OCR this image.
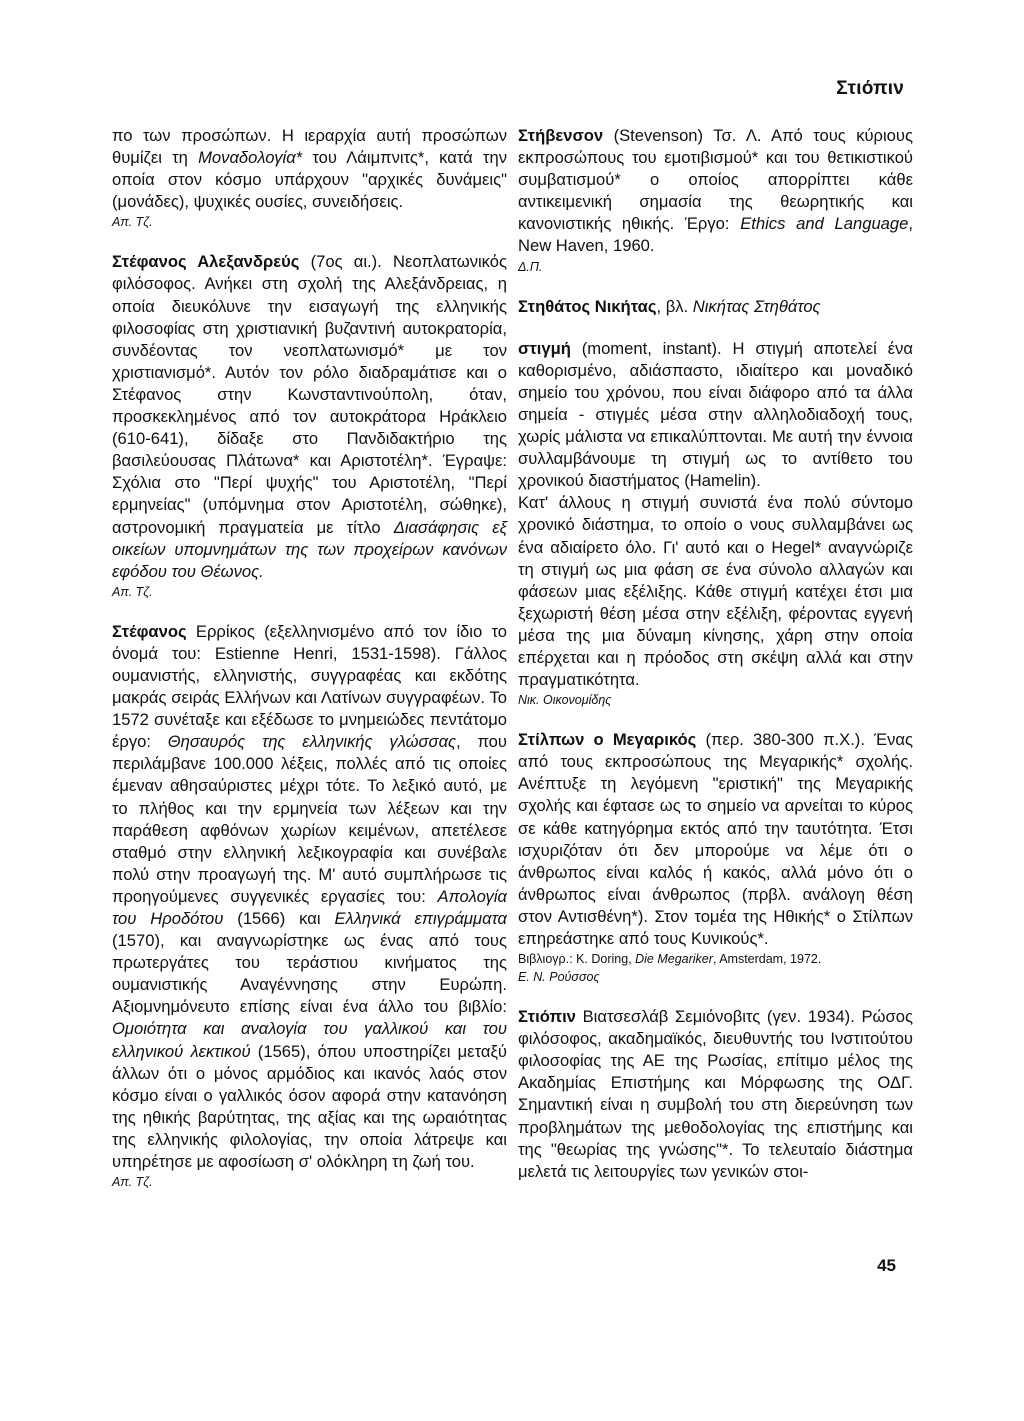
Στιόπιν

πο των προσώπων. Η ιεραρχία αυτή προσώπων θυμίζει τη Μοναδολογία* του Λάιμπνιτς*, κατά την οποία στον κόσμο υπάρχουν "αρχικές δυνάμεις" (μονάδες), ψυχικές ουσίες, συνειδήσεις.

Απ. Τζ.

Στέφανος Αλεξανδρεύς (7ος αι.). Νεοπλατωνικός φιλόσοφος. Ανήκει στη σχολή της Αλεξάνδρειας, η οποία διευκόλυνε την εισαγωγή της ελληνικής φιλοσοφίας στη χριστιανική βυζαντινή αυτοκρατορία, συνδέοντας τον νεοπλατωνισμό* με τον χριστιανισμό*. Αυτόν τον ρόλο διαδραμάτισε και ο Στέφανος στην Κωνσταντινούπολη, όταν, προσκεκλημένος από τον αυτοκράτορα Ηράκλειο (610-641), δίδαξε στο Πανδιδακτήριο της βασιλεύουσας Πλάτωνα* και Αριστοτέλη*. Έγραψε: Σχόλια στο "Περί ψυχής" του Αριστοτέλη, "Περί ερμηνείας" (υπόμνημα στον Αριστοτέλη, σώθηκε), αστρονομική πραγματεία με τίτλο Διασάφησις εξ οικείων υπομνημάτων της των προχείρων κανόνων εφόδου του Θέωνος.

Απ. Τζ.

Στέφανος Ερρίκος (εξελληνισμένο από τον ίδιο το όνομά του: Estienne Henri, 1531-1598). Γάλλος ουμανιστής, ελληνιστής, συγγραφέας και εκδότης μακράς σειράς Ελλήνων και Λατίνων συγγραφέων. Το 1572 συνέταξε και εξέδωσε το μνημειώδες πεντάτομο έργο: Θησαυρός της ελληνικής γλώσσας, που περιλάμβανε 100.000 λέξεις, πολλές από τις οποίες έμεναν αθησαύριστες μέχρι τότε. Το λεξικό αυτό, με το πλήθος και την ερμηνεία των λέξεων και την παράθεση αφθόνων χωρίων κειμένων, απετέλεσε σταθμό στην ελληνική λεξικογραφία και συνέβαλε πολύ στην προαγωγή της. Μ' αυτό συμπλήρωσε τις προηγούμενες συγγενικές εργασίες του: Απολογία του Ηροδότου (1566) και Ελληνικά επιγράμματα (1570), και αναγνωρίστηκε ως ένας από τους πρωτεργάτες του τεράστιου κινήματος της ουμανιστικής Αναγέννησης στην Ευρώπη. Αξιομνημόνευτο επίσης είναι ένα άλλο του βιβλίο: Ομοιότητα και αναλογία του γαλλικού και του ελληνικού λεκτικού (1565), όπου υποστηρίζει μεταξύ άλλων ότι ο μόνος αρμόδιος και ικανός λαός στον κόσμο είναι ο γαλλικός όσον αφορά στην κατανόηση της ηθικής βαρύτητας, της αξίας και της ωραιότητας της ελληνικής φιλολογίας, την οποία λάτρεψε και υπηρέτησε με αφοσίωση σ' ολόκληρη τη ζωή του.

Απ. Τζ.

Στήβενσον (Stevenson) Τσ. Λ. Από τους κύριους εκπροσώπους του εμοτιβισμού* και του θετικιστικού συμβατισμού* ο οποίος απορρίπτει κάθε αντικειμενική σημασία της θεωρητικής και κανονιστικής ηθικής. Έργο: Ethics and Language, New Haven, 1960.

Δ.Π.

Στηθάτος Νικήτας, βλ. Νικήτας Στηθάτος

στιγμή (moment, instant). Η στιγμή αποτελεί ένα καθορισμένο, αδιάσπαστο, ιδιαίτερο και μοναδικό σημείο του χρόνου, που είναι διάφορο από τα άλλα σημεία - στιγμές μέσα στην αλληλοδιαδοχή τους, χωρίς μάλιστα να επικαλύπτονται. Με αυτή την έννοια συλλαμβάνουμε τη στιγμή ως το αντίθετο του χρονικού διαστήματος (Hamelin).

Κατ' άλλους η στιγμή συνιστά ένα πολύ σύντομο χρονικό διάστημα, το οποίο ο νους συλλαμβάνει ως ένα αδιαίρετο όλο. Γι' αυτό και ο Hegel* αναγνώριζε τη στιγμή ως μια φάση σε ένα σύνολο αλλαγών και φάσεων μιας εξέλιξης. Κάθε στιγμή κατέχει έτσι μια ξεχωριστή θέση μέσα στην εξέλιξη, φέροντας εγγενή μέσα της μια δύναμη κίνησης, χάρη στην οποία επέρχεται και η πρόοδος στη σκέψη αλλά και στην πραγματικότητα.

Νικ. Οικονομίδης

Στίλπων ο Μεγαρικός (περ. 380-300 π.Χ.). Ένας από τους εκπροσώπους της Μεγαρικής* σχολής. Ανέπτυξε τη λεγόμενη "εριστική" της Μεγαρικής σχολής και έφτασε ως το σημείο να αρνείται το κύρος σε κάθε κατηγόρημα εκτός από την ταυτότητα. Έτσι ισχυριζόταν ότι δεν μπορούμε να λέμε ότι ο άνθρωπος είναι καλός ή κακός, αλλά μόνο ότι ο άνθρωπος είναι άνθρωπος (πρβλ. ανάλογη θέση στον Αντισθένη*). Στον τομέα της Ηθικής* ο Στίλπων επηρεάστηκε από τους Κυνικούς*.

Βιβλιογρ.: K. Doring, Die Megariker, Amsterdam, 1972.

E. N. Ρούσσος

Στιόπιν Βιατσεσλάβ Σεμιόνοβιτς (γεν. 1934). Ρώσος φιλόσοφος, ακαδημαϊκός, διευθυντής του Ινστιτούτου φιλοσοφίας της ΑΕ της Ρωσίας, επίτιμο μέλος της Ακαδημίας Επιστήμης και Μόρφωσης της ΟΔΓ. Σημαντική είναι η συμβολή του στη διερεύνηση των προβλημάτων της μεθοδολογίας της επιστήμης και της "θεωρίας της γνώσης"*. Το τελευταίο διάστημα μελετά τις λειτουργίες των γενικών στοι-

45
